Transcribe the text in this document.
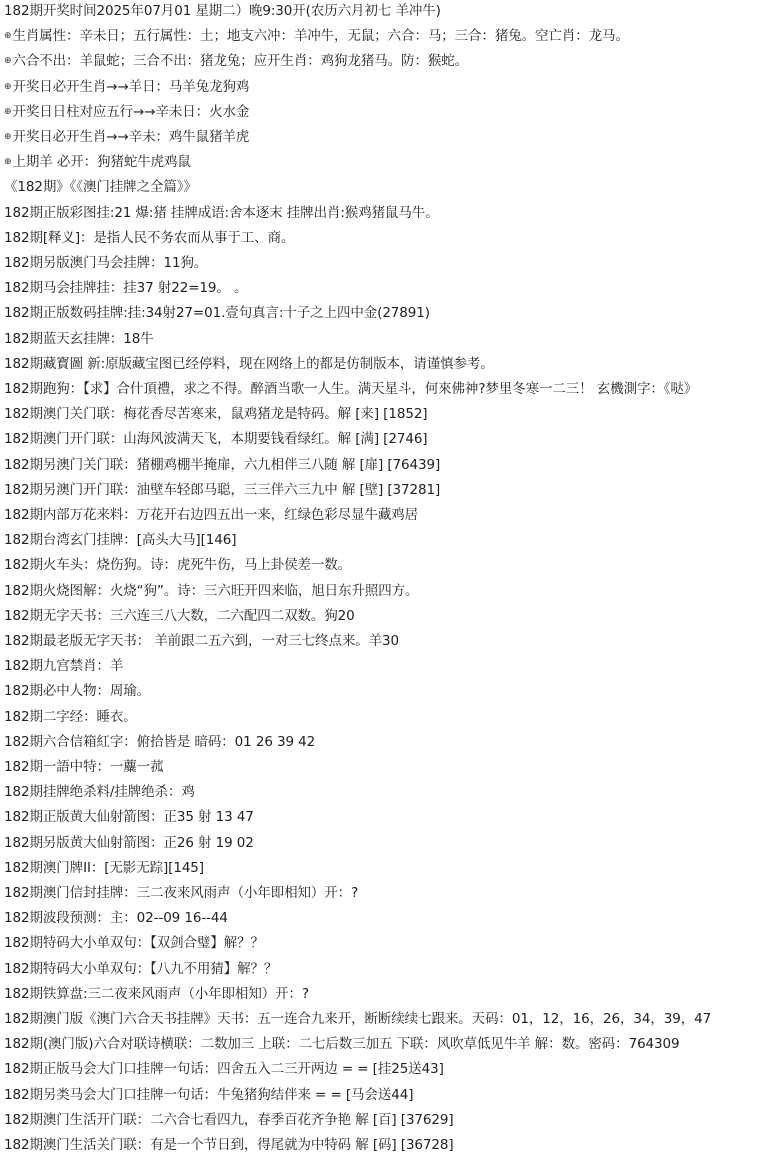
182期开奖时间2025年07月01 星期二）晚9:30开(农历六月初七 羊冲牛)
⊕生肖属性：辛未日；五行属性：土；地支六冲：羊冲牛，无鼠；六合：马；三合：猪兔。空亡肖：龙马。
⊕六合不出：羊鼠蛇；三合不出：猪龙兔；应开生肖：鸡狗龙猪马。防：猴蛇。
⊕开奖日必开生肖→→羊日：马羊兔龙狗鸡
⊕开奖日日柱对应五行→→辛未日：火水金
⊕开奖日必开生肖→→辛未：鸡牛鼠猪羊虎
⊕上期羊 必开：狗猪蛇牛虎鸡鼠
《182期》《《澳门挂牌之全篇》》
182期正版彩图挂:21 爆:猪 挂牌成语:舍本逐末 挂牌出肖:猴鸡猪鼠马牛。
182期[释义]：是指人民不务农而从事于工、商。
182期另版澳门马会挂牌：11狗。
182期马会挂牌挂：挂37 射22=19。 。
182期正版数码挂牌:挂:34射27=01.壹句真言:十子之上四中金(27891)
182期蓝天玄挂牌：18牛
182期藏寳圖 新:原版藏宝图已经停料，现在网络上的都是仿制版本，请谨慎参考。
182期跑狗：【求】合什頂禮，求之不得。醉酒当歌一人生。满天星斗，何來佛神?梦里冬寒一二三！ 玄機測字：《哒》
182期澳门关门联：梅花香尽苦寒来，鼠鸡猪龙是特码。解 [来] [1852]
182期澳门开门联：山海风波满天飞，本期要钱看绿红。解 [满] [2746]
182期另澳门关门联：猪棚鸡棚半掩扉，六九相伴三八随 解 [扉] [76439]
182期另澳门开门联：油壁车轻郎马聪，三三伴六三九中 解 [壁] [37281]
182期内部万花来料：万花开右边四五出一来，红绿色彩尽显牛藏鸡居
182期台湾玄门挂牌：[高头大马][146]
182期火车头：烧伤狗。诗：虎死牛伤，马上卦侯差一数。
182期火烧图解：火烧“狗”。诗：三六旺开四来临，旭日东升照四方。
182期无字天书：三六连三八大数，二六配四二双数。狗20
182期最老版无字天书： 羊前跟二五六到，一对三七终点来。羊30
182期九宫禁肖：羊
182期必中人物：周瑜。
182期二字经：睡衣。
182期六合信箱紅字：俯拾皆是 暗码：01 26 39 42
182期一語中特：一蘪一菰
182期挂牌绝杀料/挂牌绝杀：鸡
182期正版黄大仙射箭图：正35 射 13 47
182期另版黄大仙射箭图：正26 射 19 02
182期澳门牌II：[无影无踪][145]
182期澳门信封挂牌：三二夜来风雨声（小年即相知）开：?
182期波段预测：主：02--09 16--44
182期特码大小单双句：【双剑合璧】解？？
182期特码大小单双句：【八九不用猜】解？？
182期铁算盘:三二夜来风雨声（小年即相知）开：?
182期澳门版《澳门六合天书挂牌》天书：五一连合九来开，断断续续七跟来。天码：01，12，16，26，34，39，47
182期(澳门版)六合对联诗横联：二数加三 上联：二七后数三加五 下联：风吹草低见牛羊 解：数。密码：764309
182期正版马会大门口挂牌一句话：四舍五入二三开两边 = = [挂25送43]
182期另类马会大门口挂牌一句话：牛兔猪狗结伴来 = = [马会送44]
182期澳门生活开门联：二六合七看四九，春季百花齐争艳 解 [百] [37629]
182期澳门生活关门联：有是一个节日到，得尾就为中特码 解 [码] [36728]
